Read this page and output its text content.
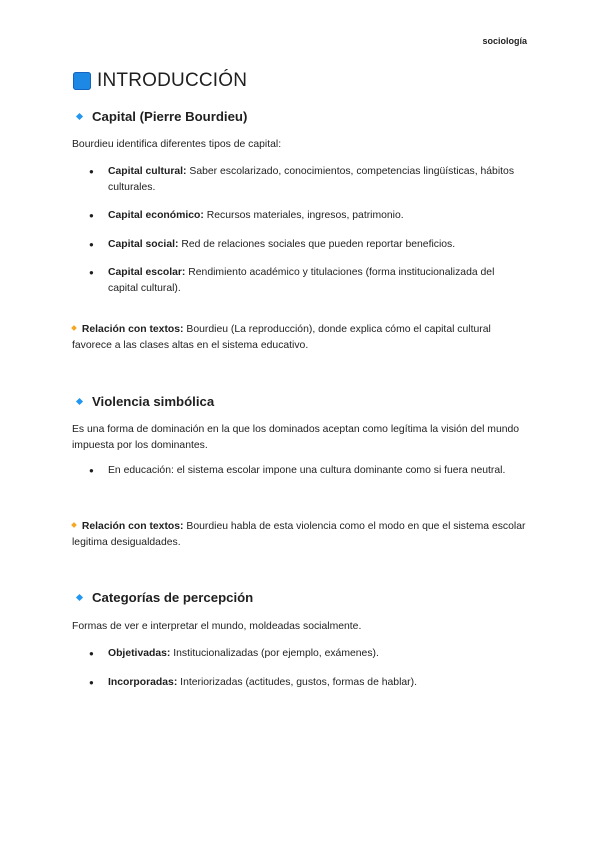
sociología
INTRODUCCIÓN
Capital (Pierre Bourdieu)

Bourdieu identifica diferentes tipos de capital:

● Capital cultural: Saber escolarizado, conocimientos, competencias lingüísticas, hábitos culturales.
● Capital económico: Recursos materiales, ingresos, patrimonio.
● Capital social: Red de relaciones sociales que pueden reportar beneficios.
● Capital escolar: Rendimiento académico y titulaciones (forma institucionalizada del capital cultural).

Relación con textos: Bourdieu (La reproducción), donde explica cómo el capital cultural favorece a las clases altas en el sistema educativo.

Violencia simbólica

Es una forma de dominación en la que los dominados aceptan como legítima la visión del mundo impuesta por los dominantes.

● En educación: el sistema escolar impone una cultura dominante como si fuera neutral.

Relación con textos: Bourdieu habla de esta violencia como el modo en que el sistema escolar legitima desigualdades.

Categorías de percepción

Formas de ver e interpretar el mundo, moldeadas socialmente.

● Objetivadas: Institucionalizadas (por ejemplo, exámenes).
● Incorporadas: Interiorizadas (actitudes, gustos, formas de hablar).
